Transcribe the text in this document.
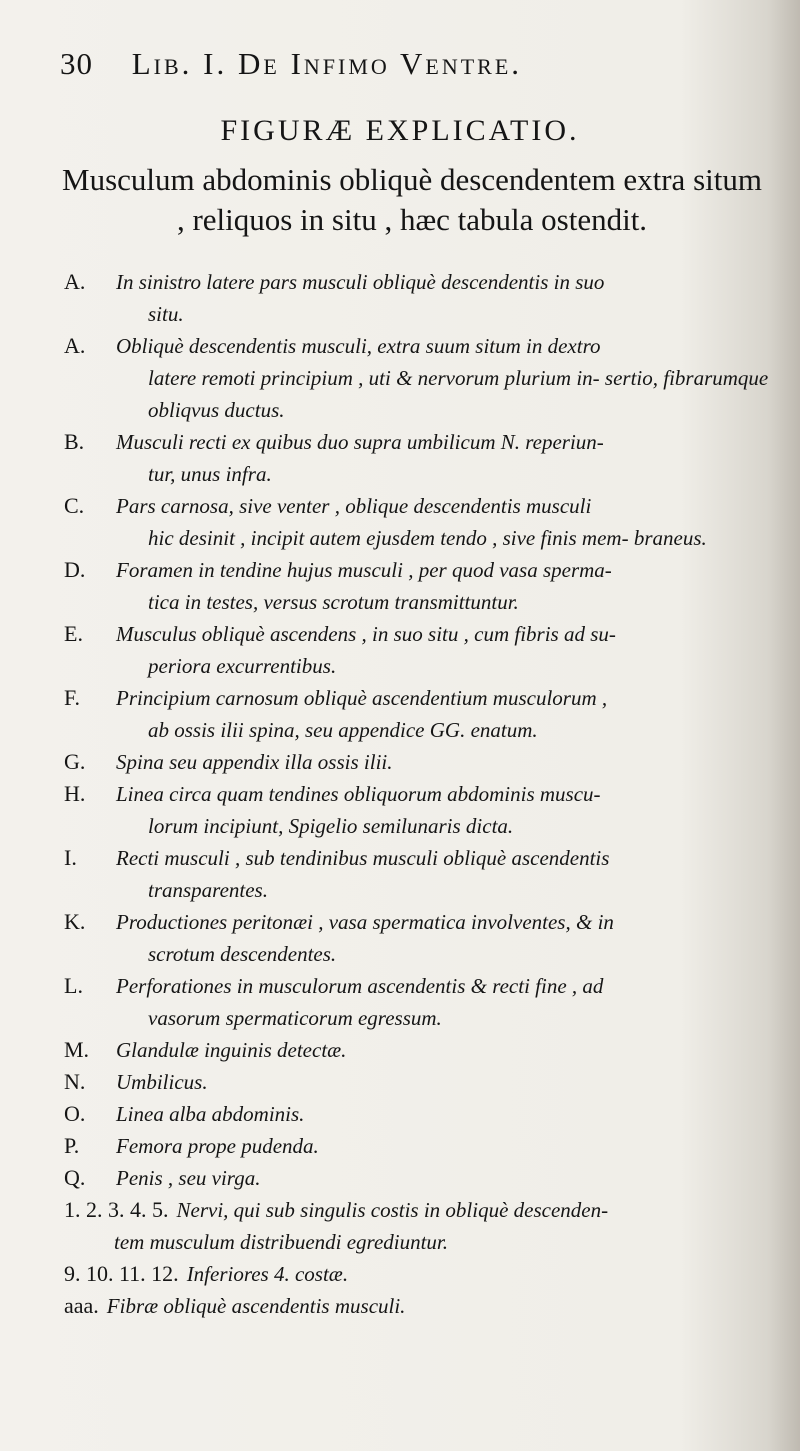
30 Lib. I. De Infimo Ventre.
FIGURÆ EXPLICATIO.
Musculum abdominis obliquè descendentem extra situm , reliquos in situ , hæc tabula ostendit.
A. In sinistro latere pars musculi obliquè descendentis in suo
situ.
A. Obliquè descendentis musculi, extra suum situm in dextro
latere remoti principium , uti & nervorum plurium in- sertio, fibrarumque obliqvus ductus.
B. Musculi recti ex quibus duo supra umbilicum N. reperiun-
tur, unus infra.
C. Pars carnosa, sive venter , oblique descendentis musculi
hic desinit , incipit autem ejusdem tendo , sive finis mem- braneus.
D. Foramen in tendine hujus musculi , per quod vasa sperma-
tica in testes, versus scrotum transmittuntur.
E. Musculus obliquè ascendens , in suo situ , cum fibris ad su-
periora excurrentibus.
F. Principium carnosum obliquè ascendentium musculorum ,
ab ossis ilii spina, seu appendice GG. enatum.
G. Spina seu appendix illa ossis ilii.
H. Linea circa quam tendines obliquorum abdominis muscu-
lorum incipiunt, Spigelio semilunaris dicta.
I. Recti musculi , sub tendinibus musculi obliquè ascendentis
transparentes.
K. Productiones peritonæi , vasa spermatica involventes, & in
scrotum descendentes.
L. Perforationes in musculorum ascendentis & recti fine , ad
vasorum spermaticorum egressum.
M. Glandulæ inguinis detectæ.
N. Umbilicus.
O. Linea alba abdominis.
P. Femora prope pudenda.
Q. Penis , seu virga.
1. 2. 3. 4. 5. Nervi, qui sub singulis costis in obliquè descenden-
tem musculum distribuendi egrediuntur.
9. 10. 11. 12. Inferiores 4. costæ.
aaa. Fibræ obliquè ascendentis musculi.
